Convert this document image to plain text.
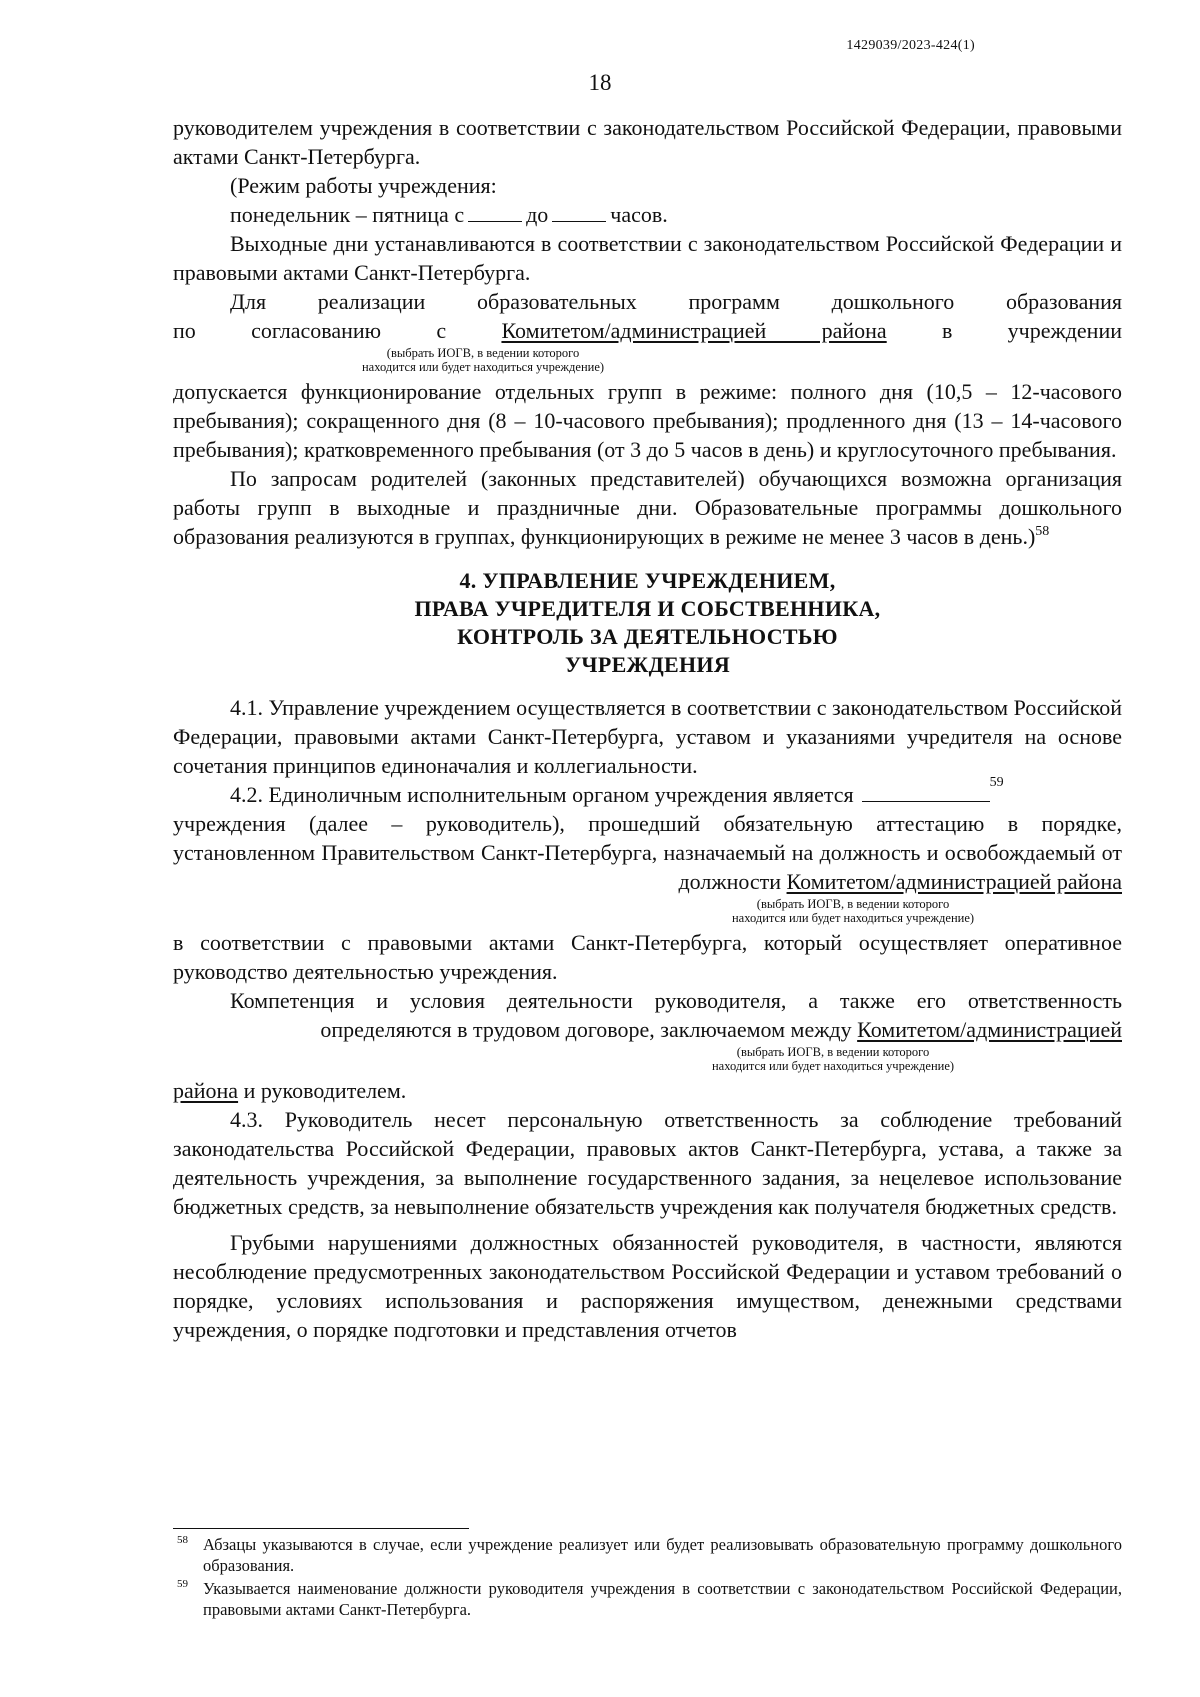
1429039/2023-424(1)
18

руководителем учреждения в соответствии с законодательством Российской Федерации, правовыми актами Санкт-Петербурга.

(Режим работы учреждения:

понедельник – пятница с	до	часов.

Выходные дни устанавливаются в соответствии с законодательством Российской Федерации и правовыми актами Санкт-Петербурга.

Для реализации образовательных программ дошкольного образования

по согласованию с	Комитетом/администрацией района	в учреждении

(выбрать ИОГВ, в ведении которого
находится или будет находиться учреждение)

допускается функционирование отдельных групп в режиме: полного дня (10,5 – 12-часового пребывания); сокращенного дня (8 – 10-часового пребывания); продленного дня (13 – 14-часового пребывания); кратковременного пребывания (от 3 до 5 часов в день) и круглосуточного пребывания.

По запросам родителей (законных представителей) обучающихся возможна организация работы групп в выходные и праздничные дни. Образовательные программы дошкольного образования реализуются в группах, функционирующих в режиме не менее 3 часов в день.)$^{58}$

4. УПРАВЛЕНИЕ УЧРЕЖДЕНИЕМ,
ПРАВА УЧРЕДИТЕЛЯ И СОБСТВЕННИКА,
КОНТРОЛЬ ЗА ДЕЯТЕЛЬНОСТЬЮ
УЧРЕЖДЕНИЯ

4.1. Управление учреждением осуществляется в соответствии с законодательством Российской Федерации, правовыми актами Санкт-Петербурга, уставом и указаниями учредителя на основе сочетания принципов единоначалия и коллегиальности.

4.2. Единоличным исполнительным органом учреждения является	$^{59}$

учреждения (далее – руководитель), прошедший обязательную аттестацию в порядке, установленном Правительством Санкт-Петербурга, назначаемый на должность и освобождаемый от должности Комитетом/администрацией района

(выбрать ИОГВ, в ведении которого
находится или будет находиться учреждение)

в соответствии с правовыми актами Санкт-Петербурга, который осуществляет оперативное руководство деятельностью учреждения.

Компетенция и условия деятельности руководителя, а также его ответственность определяются в трудовом договоре, заключаемом между Комитетом/администрацией

(выбрать ИОГВ, в ведении которого
находится или будет находиться учреждение)

района и руководителем.

4.3. Руководитель несет персональную ответственность за соблюдение требований законодательства Российской Федерации, правовых актов Санкт-Петербурга, устава, а также за деятельность учреждения, за выполнение государственного задания, за нецелевое использование бюджетных средств, за невыполнение обязательств учреждения как получателя бюджетных средств.

Грубыми нарушениями должностных обязанностей руководителя, в частности, являются несоблюдение предусмотренных законодательством Российской Федерации и уставом требований о порядке, условиях использования и распоряжения имуществом, денежными средствами учреждения, о порядке подготовки и представления отчетов

58 Абзацы указываются в случае, если учреждение реализует или будет реализовывать образовательную программу дошкольного образования.

59 Указывается наименование должности руководителя учреждения в соответствии с законодательством Российской Федерации, правовыми актами Санкт-Петербурга.
